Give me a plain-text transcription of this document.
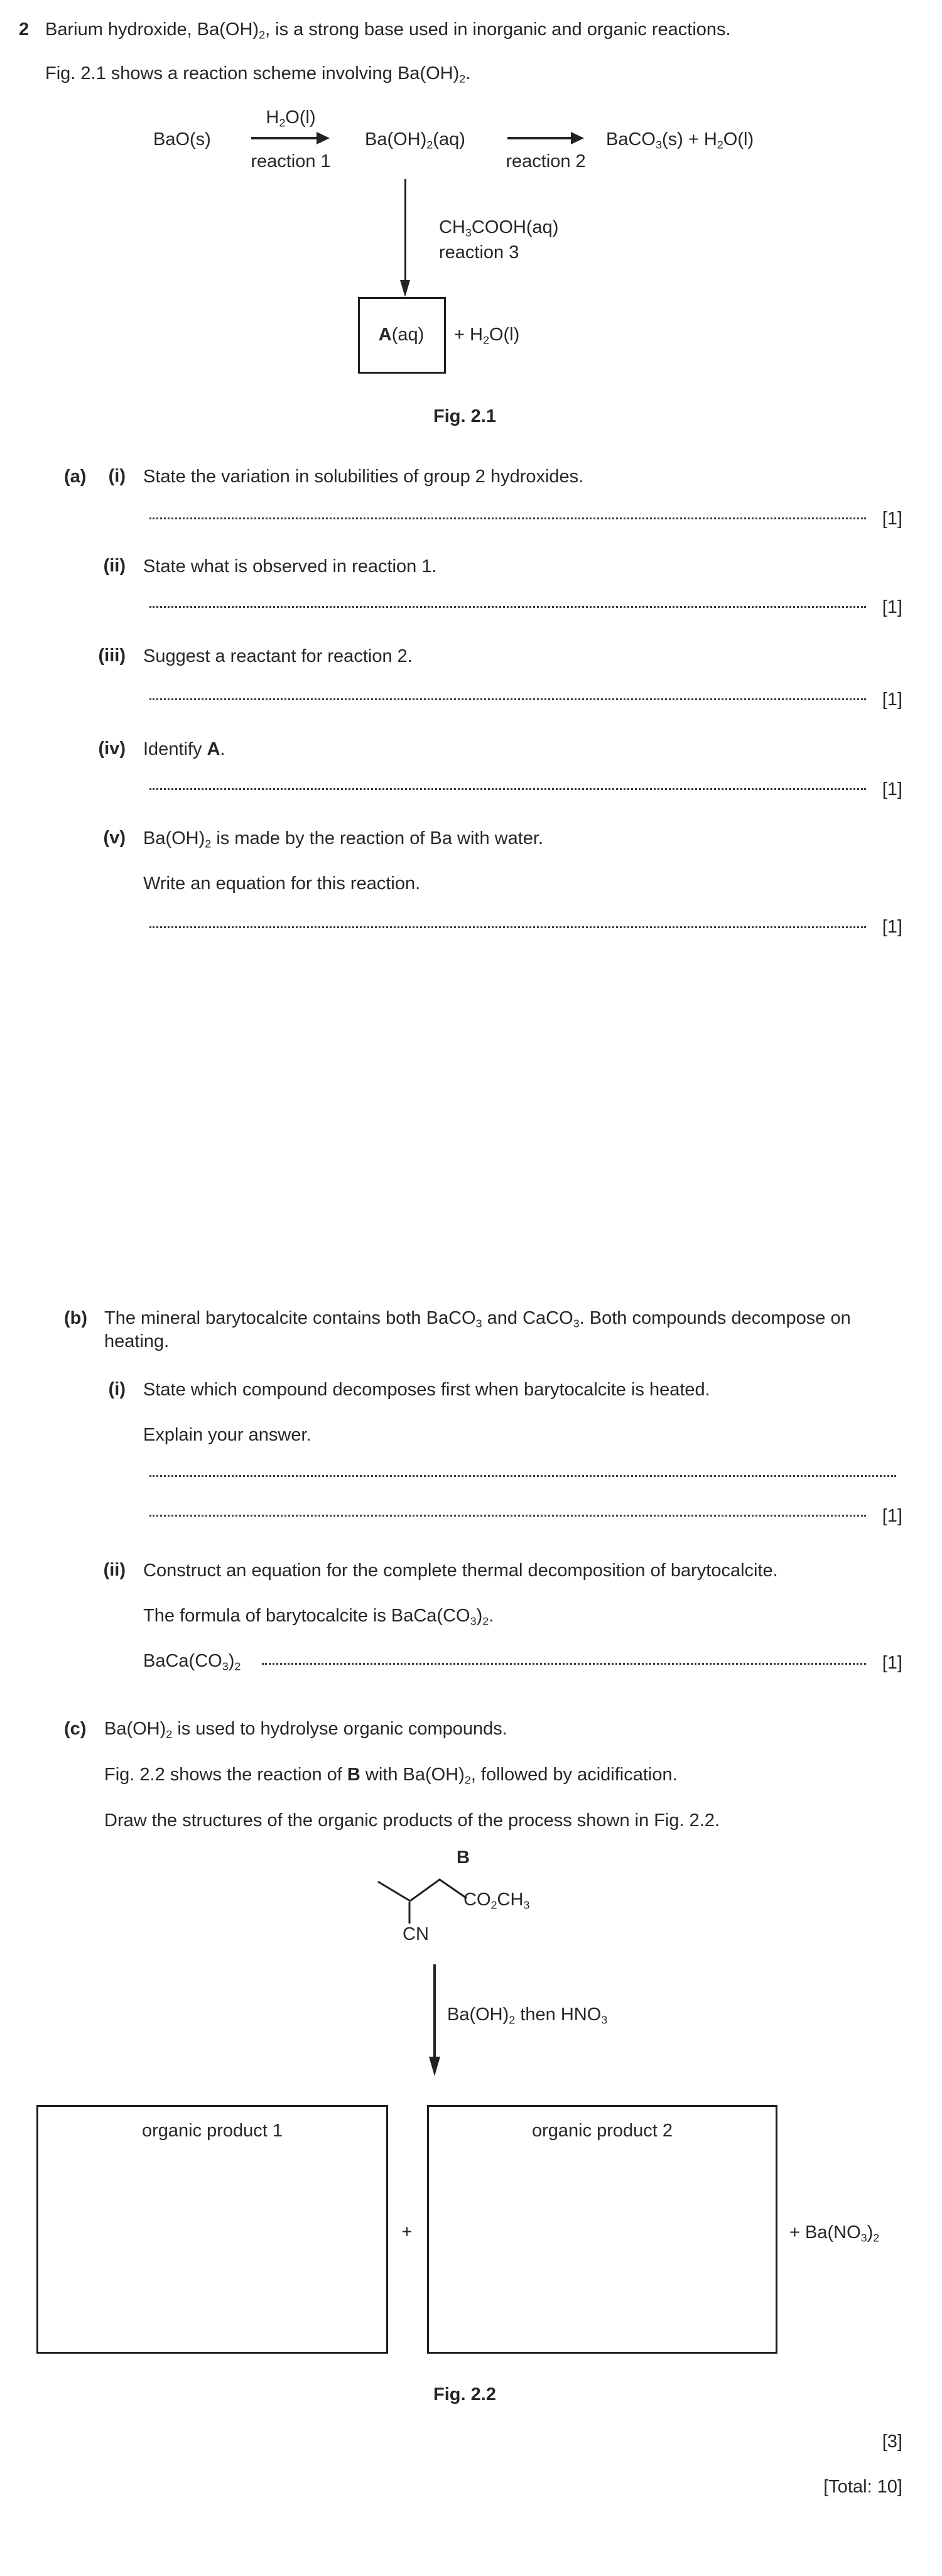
2 Barium hydroxide, $Ba(OH)_2$, is a strong base used in inorganic and organic reactions.
Fig. 2.1 shows a reaction scheme involving $Ba(OH)_2$.
BaO(s)
$H_2O(l)$
reaction 1
$Ba(OH)_2(aq)$
reaction 2
BaCO$_3$(s) + $H_2O(l)$
$CH_3COOH(aq)$
reaction 3
$A(aq) + H_2O(l)$
Fig. 2.1
(a)	(i) State the variation in solubilities of group 2 hydroxides.
[1]
(ii) State what is observed in reaction 1.
[1]
(iii) Suggest a reactant for reaction 2.
[1]
(iv) Identify A.
[1]
(v) $Ba(OH)_2$ is made by the reaction of Ba with water.
Write an equation for this reaction.
[1]
(b) The mineral barytocalcite contains both BaCO$_3$ and CaCO$_3$. Both compounds decompose on
heating.
(i) State which compound decomposes first when barytocalcite is heated.
Explain your answer.
[1]
(ii) Construct an equation for the complete thermal decomposition of barytocalcite.
The formula of barytocalcite is $BaCa(CO_3)_2$.
$BaCa(CO_3)_2$	[1]
(c) $Ba(OH)_2$ is used to hydrolyse organic compounds.
Fig. 2.2 shows the reaction of B with $Ba(OH)_2$, followed by acidification.
Draw the structures of the organic products of the process shown in Fig. 2.2.
B
$CO_2CH_3$
CN
$Ba(OH)_2$ then $HNO_3$
organic product 1
+
organic product 2
+ $Ba(NO_3)_2$
Fig. 2.2
[3]
[Total: 10]
